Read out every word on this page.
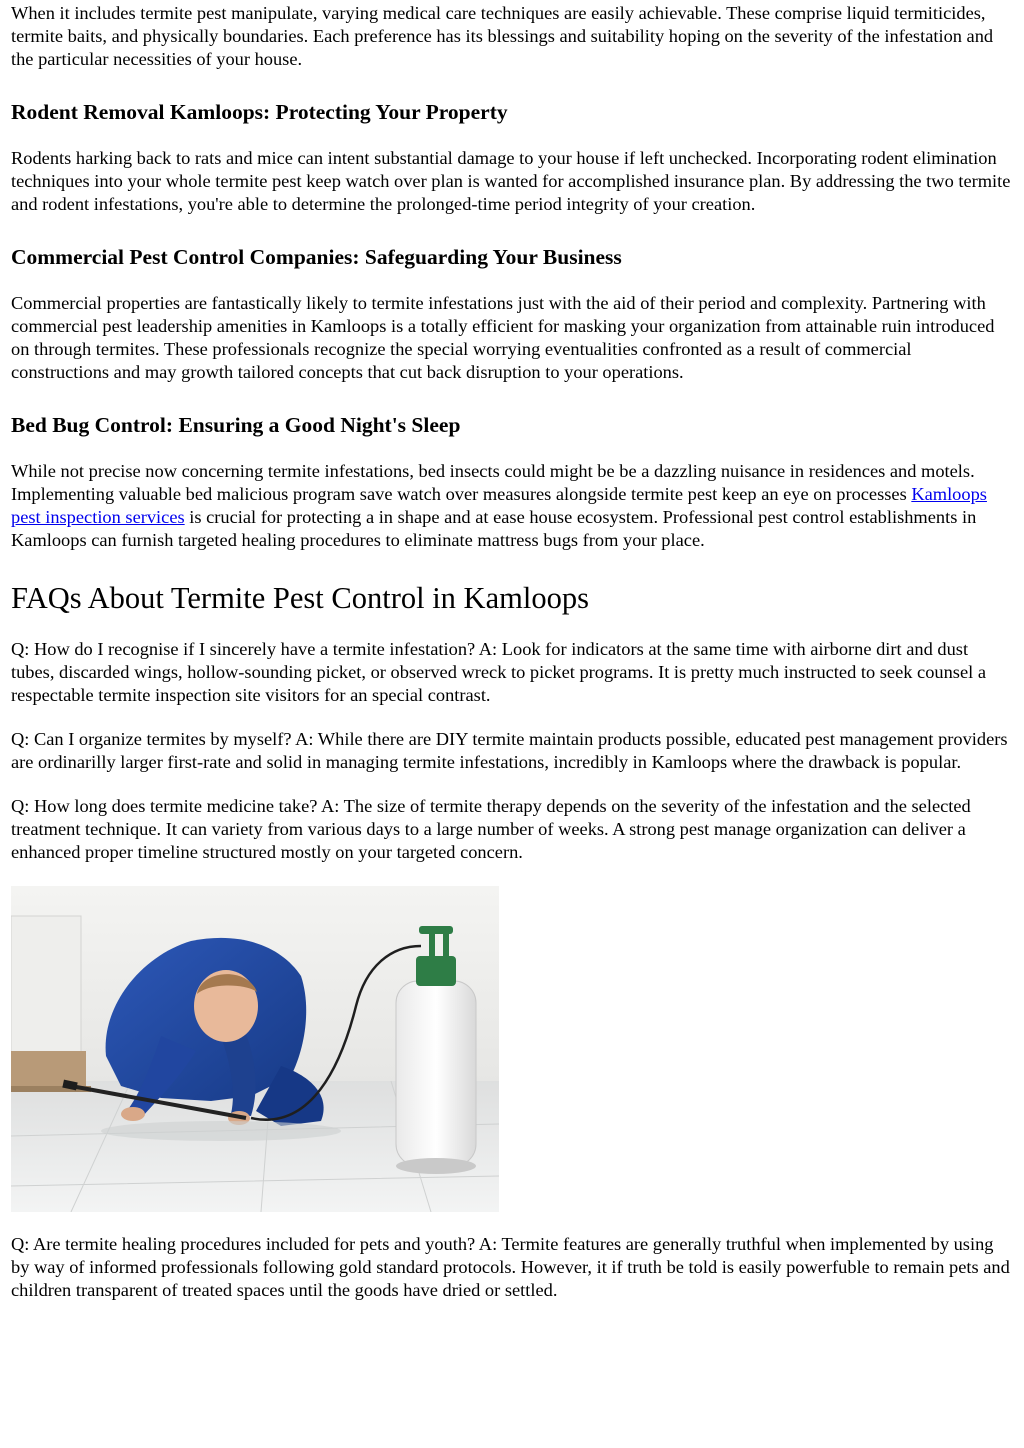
When it includes termite pest manipulate, varying medical care techniques are easily achievable. These comprise liquid termiticides, termite baits, and physically boundaries. Each preference has its blessings and suitability hoping on the severity of the infestation and the particular necessities of your house.

Rodent Removal Kamloops: Protecting Your Property

Rodents harking back to rats and mice can intent substantial damage to your house if left unchecked. Incorporating rodent elimination techniques into your whole termite pest keep watch over plan is wanted for accomplished insurance plan. By addressing the two termite and rodent infestations, you're able to determine the prolonged-time period integrity of your creation.

Commercial Pest Control Companies: Safeguarding Your Business

Commercial properties are fantastically likely to termite infestations just with the aid of their period and complexity. Partnering with commercial pest leadership amenities in Kamloops is a totally efficient for masking your organization from attainable ruin introduced on through termites. These professionals recognize the special worrying eventualities confronted as a result of commercial constructions and may growth tailored concepts that cut back disruption to your operations.

Bed Bug Control: Ensuring a Good Night's Sleep

While not precise now concerning termite infestations, bed insects could might be be a dazzling nuisance in residences and motels. Implementing valuable bed malicious program save watch over measures alongside termite pest keep an eye on processes Kamloops pest inspection services is crucial for protecting a in shape and at ease house ecosystem. Professional pest control establishments in Kamloops can furnish targeted healing procedures to eliminate mattress bugs from your place.

FAQs About Termite Pest Control in Kamloops

Q: How do I recognise if I sincerely have a termite infestation? A: Look for indicators at the same time with airborne dirt and dust tubes, discarded wings, hollow-sounding picket, or observed wreck to picket programs. It is pretty much instructed to seek counsel a respectable termite inspection site visitors for an special contrast.

Q: Can I organize termites by myself? A: While there are DIY termite maintain products possible, educated pest management providers are ordinarilly larger first-rate and solid in managing termite infestations, incredibly in Kamloops where the drawback is popular.

Q: How long does termite medicine take? A: The size of termite therapy depends on the severity of the infestation and the selected treatment technique. It can variety from various days to a large number of weeks. A strong pest manage organization can deliver a enhanced proper timeline structured mostly on your targeted concern.

Q: Are termite healing procedures included for pets and youth? A: Termite features are generally truthful when implemented by using by way of informed professionals following gold standard protocols. However, it if truth be told is easily powerfuble to remain pets and children transparent of treated spaces until the goods have dried or settled.
